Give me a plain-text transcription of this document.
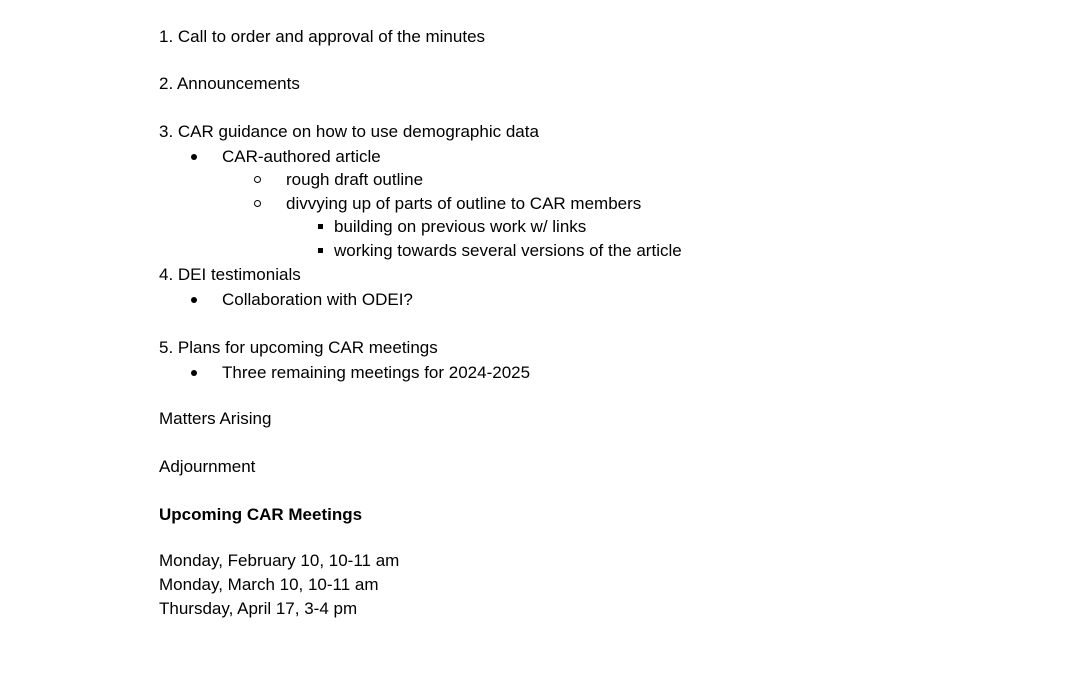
1. Call to order and approval of the minutes
2. Announcements
3. CAR guidance on how to use demographic data
CAR-authored article
rough draft outline
divvying up of parts of outline to CAR members
building on previous work w/ links
working towards several versions of the article
4. DEI testimonials
Collaboration with ODEI?
5. Plans for upcoming CAR meetings
Three remaining meetings for 2024-2025
Matters Arising
Adjournment
Upcoming CAR Meetings
Monday, February 10, 10-11 am
Monday, March 10, 10-11 am
Thursday, April 17, 3-4 pm
